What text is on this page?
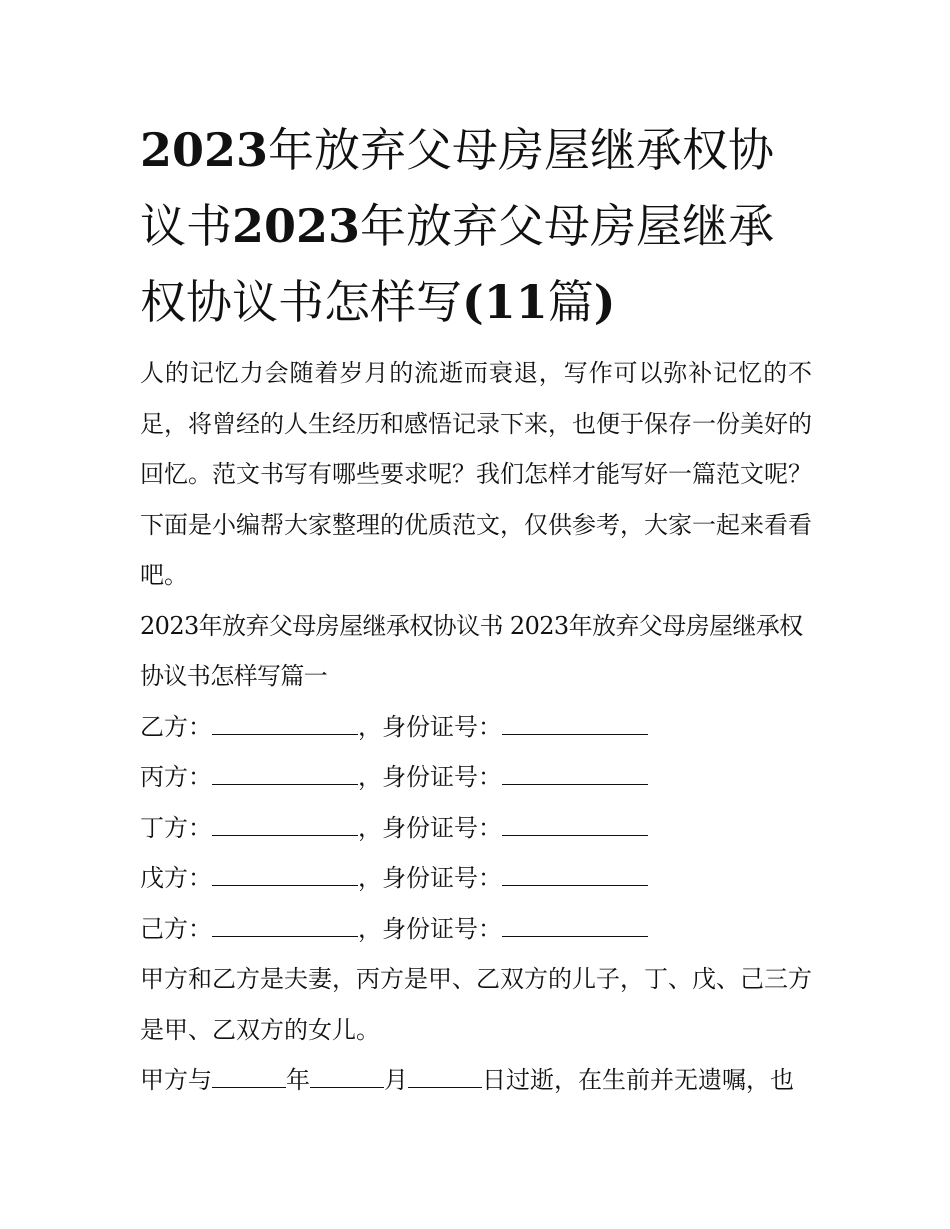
2023年放弃父母房屋继承权协议书2023年放弃父母房屋继承权协议书怎样写(11篇)

人的记忆力会随着岁月的流逝而衰退，写作可以弥补记忆的不足，将曾经的人生经历和感悟记录下来，也便于保存一份美好的回忆。范文书写有哪些要求呢？我们怎样才能写好一篇范文呢？下面是小编帮大家整理的优质范文，仅供参考，大家一起来看看吧。

2023年放弃父母房屋继承权协议书 2023年放弃父母房屋继承权协议书怎样写篇一

乙方：	，身份证号：
丙方：	，身份证号：
丁方：	，身份证号：
戊方：	，身份证号：
己方：	，身份证号：

甲方和乙方是夫妻，丙方是甲、乙双方的儿子，丁、戊、己三方是甲、乙双方的女儿。

甲方与	年	月	日过逝，在生前并无遗嘱，也
